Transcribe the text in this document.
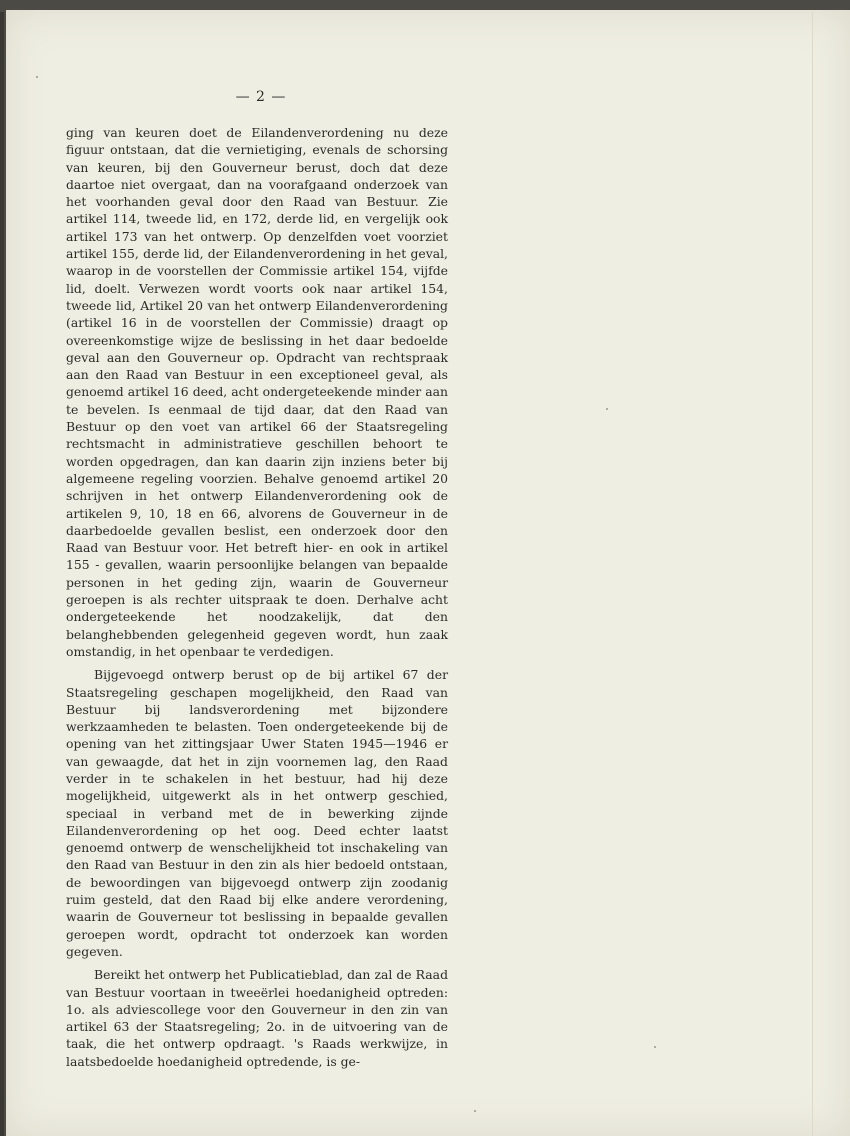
— 2 —

ging van keuren doet de Eilandenverordening nu deze figuur ontstaan, dat die vernietiging, evenals de schorsing van keuren, bij den Gouverneur berust, doch dat deze daartoe niet overgaat, dan na voorafgaand onderzoek van het voorhanden geval door den Raad van Bestuur. Zie artikel 114, tweede lid, en 172, derde lid, en vergelijk ook artikel 173 van het ontwerp. Op denzelfden voet voorziet artikel 155, derde lid, der Eilandenverordening in het geval, waarop in de voorstellen der Commissie artikel 154, vijfde lid, doelt. Verwezen wordt voorts ook naar artikel 154, tweede lid, Artikel 20 van het ontwerp Eilandenverordening (artikel 16 in de voorstellen der Commissie) draagt op overeenkomstige wijze de beslissing in het daar bedoelde geval aan den Gouverneur op. Opdracht van rechtspraak aan den Raad van Bestuur in een exceptioneel geval, als genoemd artikel 16 deed, acht ondergeteekende minder aan te bevelen. Is eenmaal de tijd daar, dat den Raad van Bestuur op den voet van artikel 66 der Staatsregeling rechtsmacht in administratieve geschillen behoort te worden opgedragen, dan kan daarin zijn inziens beter bij algemeene regeling voorzien. Behalve genoemd artikel 20 schrijven in het ontwerp Eilandenverordening ook de artikelen 9, 10, 18 en 66, alvorens de Gouverneur in de daarbedoelde gevallen beslist, een onderzoek door den Raad van Bestuur voor. Het betreft hier- en ook in artikel 155 - gevallen, waarin persoonlijke belangen van bepaalde personen in het geding zijn, waarin de Gouverneur geroepen is als rechter uitspraak te doen. Derhalve acht ondergeteekende het noodzakelijk, dat den belanghebbenden gelegenheid gegeven wordt, hun zaak omstandig, in het openbaar te verdedigen.

Bijgevoegd ontwerp berust op de bij artikel 67 der Staatsregeling geschapen mogelijkheid, den Raad van Bestuur bij landsverordening met bijzondere werkzaamheden te belasten. Toen ondergeteekende bij de opening van het zittingsjaar Uwer Staten 1945—1946 er van gewaagde, dat het in zijn voornemen lag, den Raad verder in te schakelen in het bestuur, had hij deze mogelijkheid, uitgewerkt als in het ontwerp geschied, speciaal in verband met de in bewerking zijnde Eilandenverordening op het oog. Deed echter laatst genoemd ontwerp de wenschelijkheid tot inschakeling van den Raad van Bestuur in den zin als hier bedoeld ontstaan, de bewoordingen van bijgevoegd ontwerp zijn zoodanig ruim gesteld, dat den Raad bij elke andere verordening, waarin de Gouverneur tot beslissing in bepaalde gevallen geroepen wordt, opdracht tot onderzoek kan worden gegeven.

Bereikt het ontwerp het Publicatieblad, dan zal de Raad van Bestuur voortaan in tweeërlei hoedanigheid optreden: 1o. als adviescollege voor den Gouverneur in den zin van artikel 63 der Staatsregeling; 2o. in de uitvoering van de taak, die het ontwerp opdraagt. 's Raads werkwijze, in laatsbedoelde hoedanigheid optredende, is ge-
